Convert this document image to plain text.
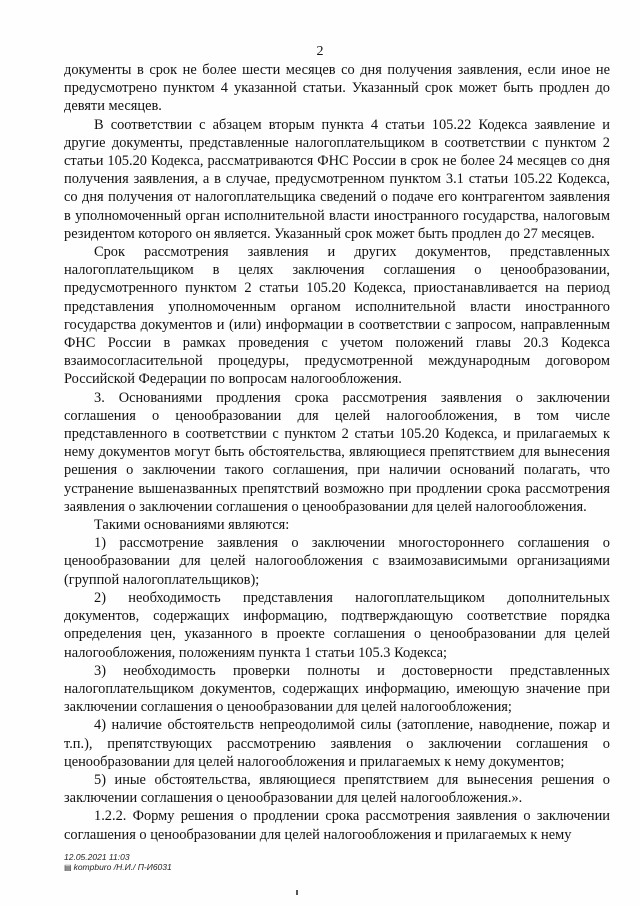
2

документы в срок не более шести месяцев со дня получения заявления, если иное не предусмотрено пунктом 4 указанной статьи. Указанный срок может быть продлен до девяти месяцев.

В соответствии с абзацем вторым пункта 4 статьи 105.22 Кодекса заявление и другие документы, представленные налогоплательщиком в соответствии с пунктом 2 статьи 105.20 Кодекса, рассматриваются ФНС России в срок не более 24 месяцев со дня получения заявления, а в случае, предусмотренном пунктом 3.1 статьи 105.22 Кодекса, со дня получения от налогоплательщика сведений о подаче его контрагентом заявления в уполномоченный орган исполнительной власти иностранного государства, налоговым резидентом которого он является. Указанный срок может быть продлен до 27 месяцев.

Срок рассмотрения заявления и других документов, представленных налогоплательщиком в целях заключения соглашения о ценообразовании, предусмотренного пунктом 2 статьи 105.20 Кодекса, приостанавливается на период представления уполномоченным органом исполнительной власти иностранного государства документов и (или) информации в соответствии с запросом, направленным ФНС России в рамках проведения с учетом положений главы 20.3 Кодекса взаимосогласительной процедуры, предусмотренной международным договором Российской Федерации по вопросам налогообложения.

3. Основаниями продления срока рассмотрения заявления о заключении соглашения о ценообразовании для целей налогообложения, в том числе представленного в соответствии с пунктом 2 статьи 105.20 Кодекса, и прилагаемых к нему документов могут быть обстоятельства, являющиеся препятствием для вынесения решения о заключении такого соглашения, при наличии оснований полагать, что устранение вышеназванных препятствий возможно при продлении срока рассмотрения заявления о заключении соглашения о ценообразовании для целей налогообложения.

Такими основаниями являются:

1) рассмотрение заявления о заключении многостороннего соглашения о ценообразовании для целей налогообложения с взаимозависимыми организациями (группой налогоплательщиков);

2) необходимость представления налогоплательщиком дополнительных документов, содержащих информацию, подтверждающую соответствие порядка определения цен, указанного в проекте соглашения о ценообразовании для целей налогообложения, положениям пункта 1 статьи 105.3 Кодекса;

3) необходимость проверки полноты и достоверности представленных налогоплательщиком документов, содержащих информацию, имеющую значение при заключении соглашения о ценообразовании для целей налогообложения;

4) наличие обстоятельств непреодолимой силы (затопление, наводнение, пожар и т.п.), препятствующих рассмотрению заявления о заключении соглашения о ценообразовании для целей налогообложения и прилагаемых к нему документов;

5) иные обстоятельства, являющиеся препятствием для вынесения решения о заключении соглашения о ценообразовании для целей налогообложения.».

1.2.2. Форму решения о продлении срока рассмотрения заявления о заключении соглашения о ценообразовании для целей налогообложения и прилагаемых к нему

12.05.2021 11:03
▤ kompburo /Н.И./ П-И6031
